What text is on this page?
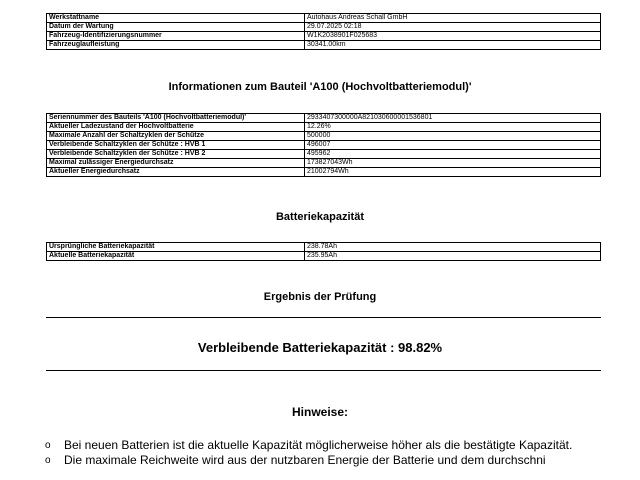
Werkstattname	Autohaus Andreas Schall GmbH
Datum der Wartung	29.07.2025 02:18
Fahrzeug-Identifizierungsnummer	W1K2038901F025683
Fahrzeuglaufleistung	30341.00km
Informationen zum Bauteil 'A100 (Hochvoltbatteriemodul)'
Seriennummer des Bauteils 'A100 (Hochvoltbatteriemodul)'	2933407300000A821030600001536801
Aktueller Ladezustand der Hochvoltbatterie	12.26%
Maximale Anzahl der Schaltzyklen der Schütze	500000
Verbleibende Schaltzyklen der Schütze : HVB 1	496007
Verbleibende Schaltzyklen der Schütze : HVB 2	495962
Maximal zulässiger Energiedurchsatz	173827043Wh
Aktueller Energiedurchsatz	21002794Wh
Batteriekapazität
Ursprüngliche Batteriekapazität	238.78Ah
Aktuelle Batteriekapazität	235.95Ah
Ergebnis der Prüfung
Verbleibende Batteriekapazität : 98.82%
Hinweise:
o Bei neuen Batterien ist die aktuelle Kapazität möglicherweise höher als die bestätigte Kapazität.
o Die maximale Reichweite wird aus der nutzbaren Energie der Batterie und dem durchschni
